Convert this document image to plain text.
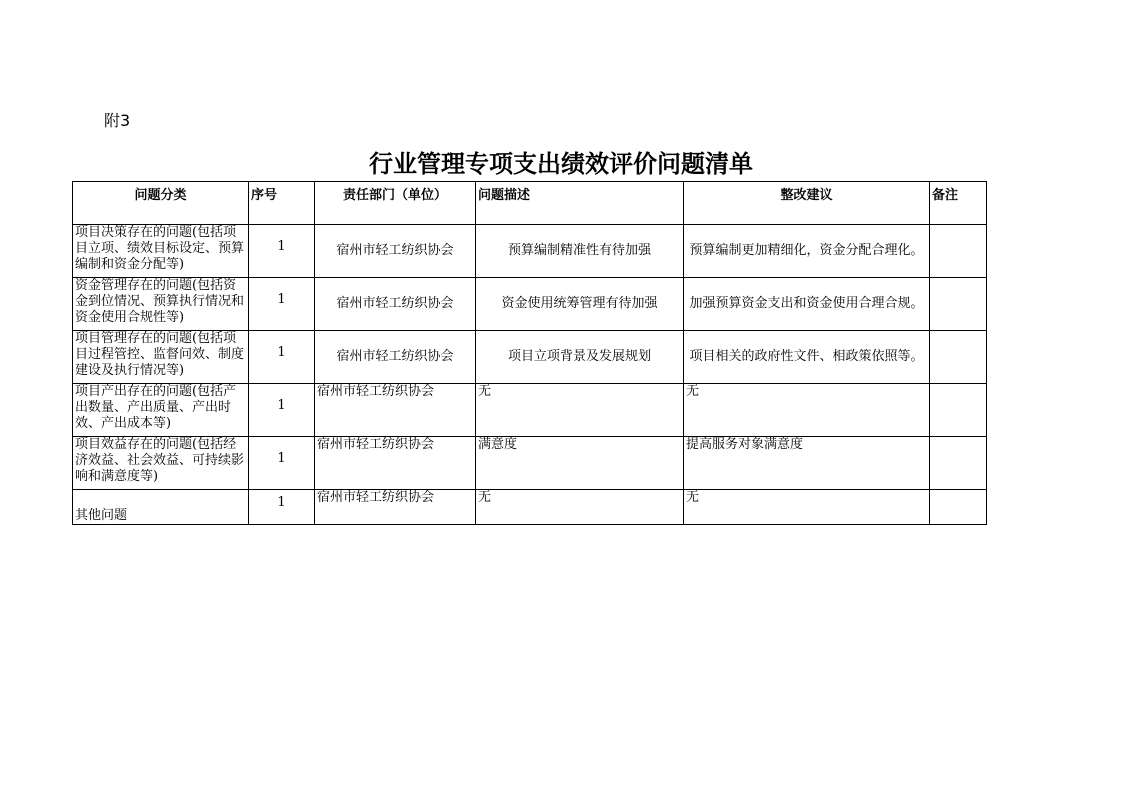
附3
行业管理专项支出绩效评价问题清单
问题分类	序号	责任部门（单位）	问题描述	整改建议	备注
项目决策存在的问题(包括项目立项、绩效目标设定、预算编制和资金分配等)	1	宿州市轻工纺织协会	预算编制精准性有待加强	预算编制更加精细化，资金分配合理化。	
资金管理存在的问题(包括资金到位情况、预算执行情况和资金使用合规性等)	1	宿州市轻工纺织协会	资金使用统筹管理有待加强	加强预算资金支出和资金使用合理合规。	
项目管理存在的问题(包括项目过程管控、监督问效、制度建设及执行情况等)	1	宿州市轻工纺织协会	项目立项背景及发展规划	项目相关的政府性文件、相政策依照等。	
项目产出存在的问题(包括产出数量、产出质量、产出时效、产出成本等)	1	宿州市轻工纺织协会	无	无	
项目效益存在的问题(包括经济效益、社会效益、可持续影响和满意度等)	1	宿州市轻工纺织协会	满意度	提高服务对象满意度	
其他问题	1	宿州市轻工纺织协会	无	无	
